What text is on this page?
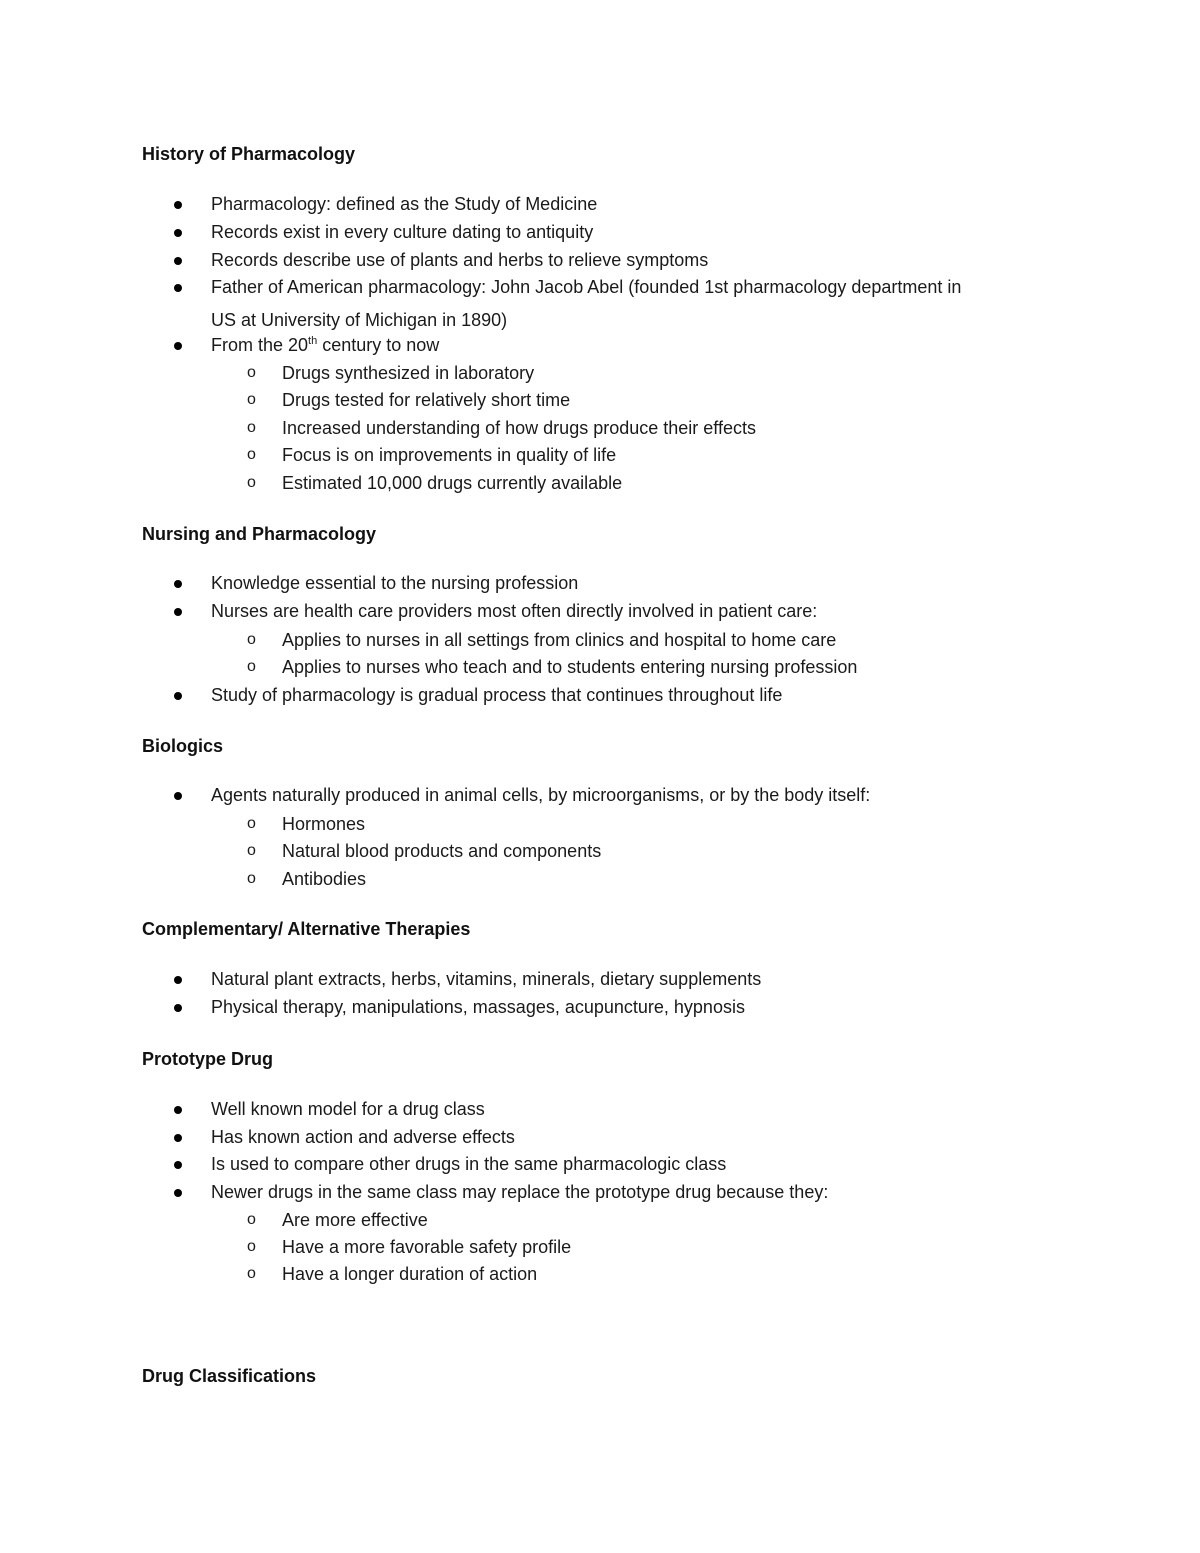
History of Pharmacology
Pharmacology: defined as the Study of Medicine
Records exist in every culture dating to antiquity
Records describe use of plants and herbs to relieve symptoms
Father of American pharmacology: John Jacob Abel (founded 1st pharmacology department in
US at University of Michigan in 1890)
From the 20th century to now
o Drugs synthesized in laboratory
o Drugs tested for relatively short time
o Increased understanding of how drugs produce their effects
o Focus is on improvements in quality of life
o Estimated 10,000 drugs currently available
Nursing and Pharmacology
Knowledge essential to the nursing profession
Nurses are health care providers most often directly involved in patient care:
o Applies to nurses in all settings from clinics and hospital to home care
o Applies to nurses who teach and to students entering nursing profession
Study of pharmacology is gradual process that continues throughout life
Biologics
Agents naturally produced in animal cells, by microorganisms, or by the body itself:
o Hormones
o Natural blood products and components
o Antibodies
Complementary/ Alternative Therapies
Natural plant extracts, herbs, vitamins, minerals, dietary supplements
Physical therapy, manipulations, massages, acupuncture, hypnosis
Prototype Drug
Well known model for a drug class
Has known action and adverse effects
Is used to compare other drugs in the same pharmacologic class
Newer drugs in the same class may replace the prototype drug because they:
o Are more effective
o Have a more favorable safety profile
o Have a longer duration of action
Drug Classifications
